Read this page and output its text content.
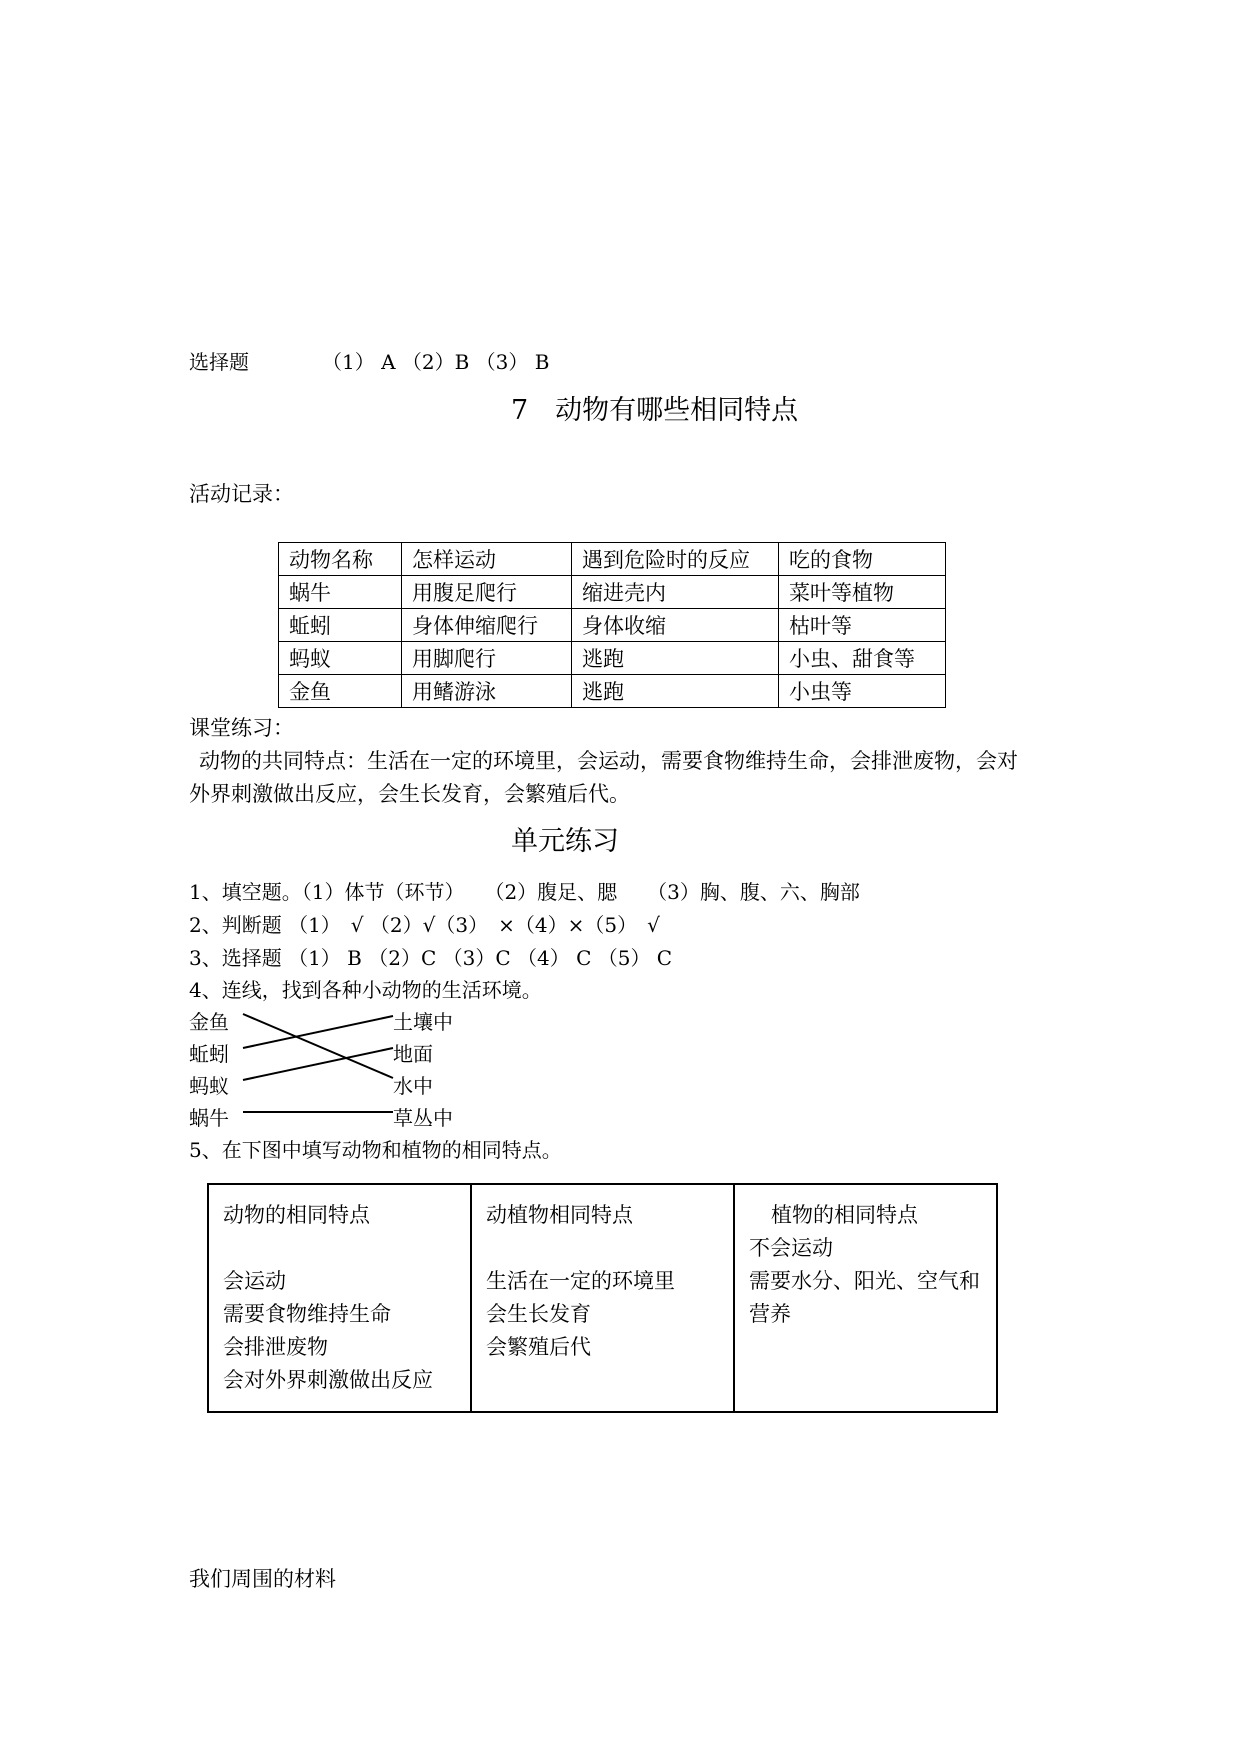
选择题	（1） A （2）B （3） B
7　动物有哪些相同特点
活动记录：
动物名称	怎样运动	遇到危险时的反应	吃的食物
蜗牛	用腹足爬行	缩进壳内	菜叶等植物
蚯蚓	身体伸缩爬行	身体收缩	枯叶等
蚂蚁	用脚爬行	逃跑	小虫、甜食等
金鱼	用鳍游泳	逃跑	小虫等
课堂练习：
动物的共同特点：生活在一定的环境里，会运动，需要食物维持生命，会排泄废物，会对
外界刺激做出反应，会生长发育，会繁殖后代。
单元练习
1、填空题。（1）体节（环节）　　（2）腹足、腮　　（3）胸、腹、六、胸部
2、判断题 （1）　√ （2）√（3）　×（4）×（5）　√
3、选择题 （1） B （2）C （3）C （4） C （5） C
4、连线，找到各种小动物的生活环境。
金鱼
蚯蚓
蚂蚁
蜗牛
土壤中
地面
水中
草丛中
5、在下图中填写动物和植物的相同特点。
动物的相同特点
会运动
需要食物维持生命
会排泄废物
会对外界刺激做出反应

动植物相同特点
生活在一定的环境里
会生长发育
会繁殖后代

植物的相同特点
不会运动
需要水分、阳光、空气和
营养
我们周围的材料
